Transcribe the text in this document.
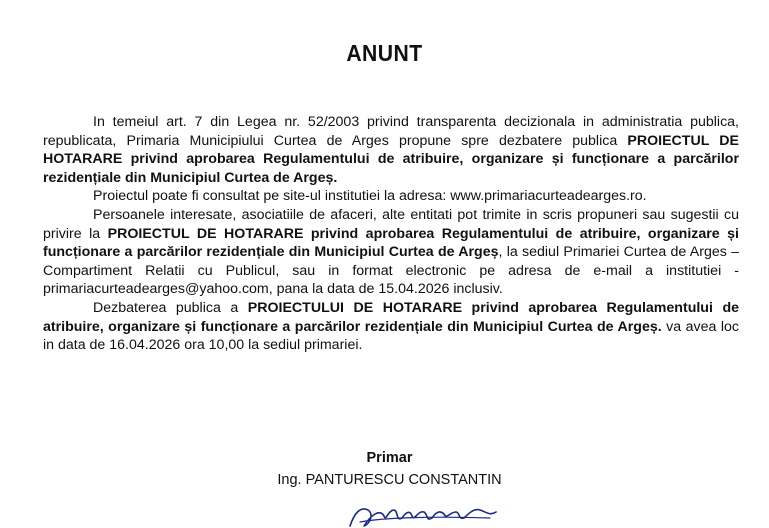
ANUNT

In temeiul art. 7 din Legea nr. 52/2003 privind transparenta decizionala in administratia publica, republicata, Primaria Municipiului Curtea de Arges propune spre dezbatere publica PROIECTUL DE HOTARARE privind aprobarea Regulamentului de atribuire, organizare și funcționare a parcărilor rezidențiale din Municipiul Curtea de Argeș.

Proiectul poate fi consultat pe site-ul institutiei la adresa: www.primariacurteadearges.ro.

Persoanele interesate, asociatiile de afaceri, alte entitati pot trimite in scris propuneri sau sugestii cu privire la PROIECTUL DE HOTARARE privind aprobarea Regulamentului de atribuire, organizare și funcționare a parcărilor rezidențiale din Municipiul Curtea de Argeș, la sediul Primariei Curtea de Arges – Compartiment Relatii cu Publicul, sau in format electronic pe adresa de e-mail a institutiei - primariacurteadearges@yahoo.com, pana la data de 15.04.2026 inclusiv.

Dezbaterea publica a PROIECTULUI DE HOTARARE privind aprobarea Regulamentului de atribuire, organizare și funcționare a parcărilor rezidențiale din Municipiul Curtea de Argeș. va avea loc in data de 16.04.2026 ora 10,00 la sediul primariei.

Primar
Ing. PANTURESCU CONSTANTIN
